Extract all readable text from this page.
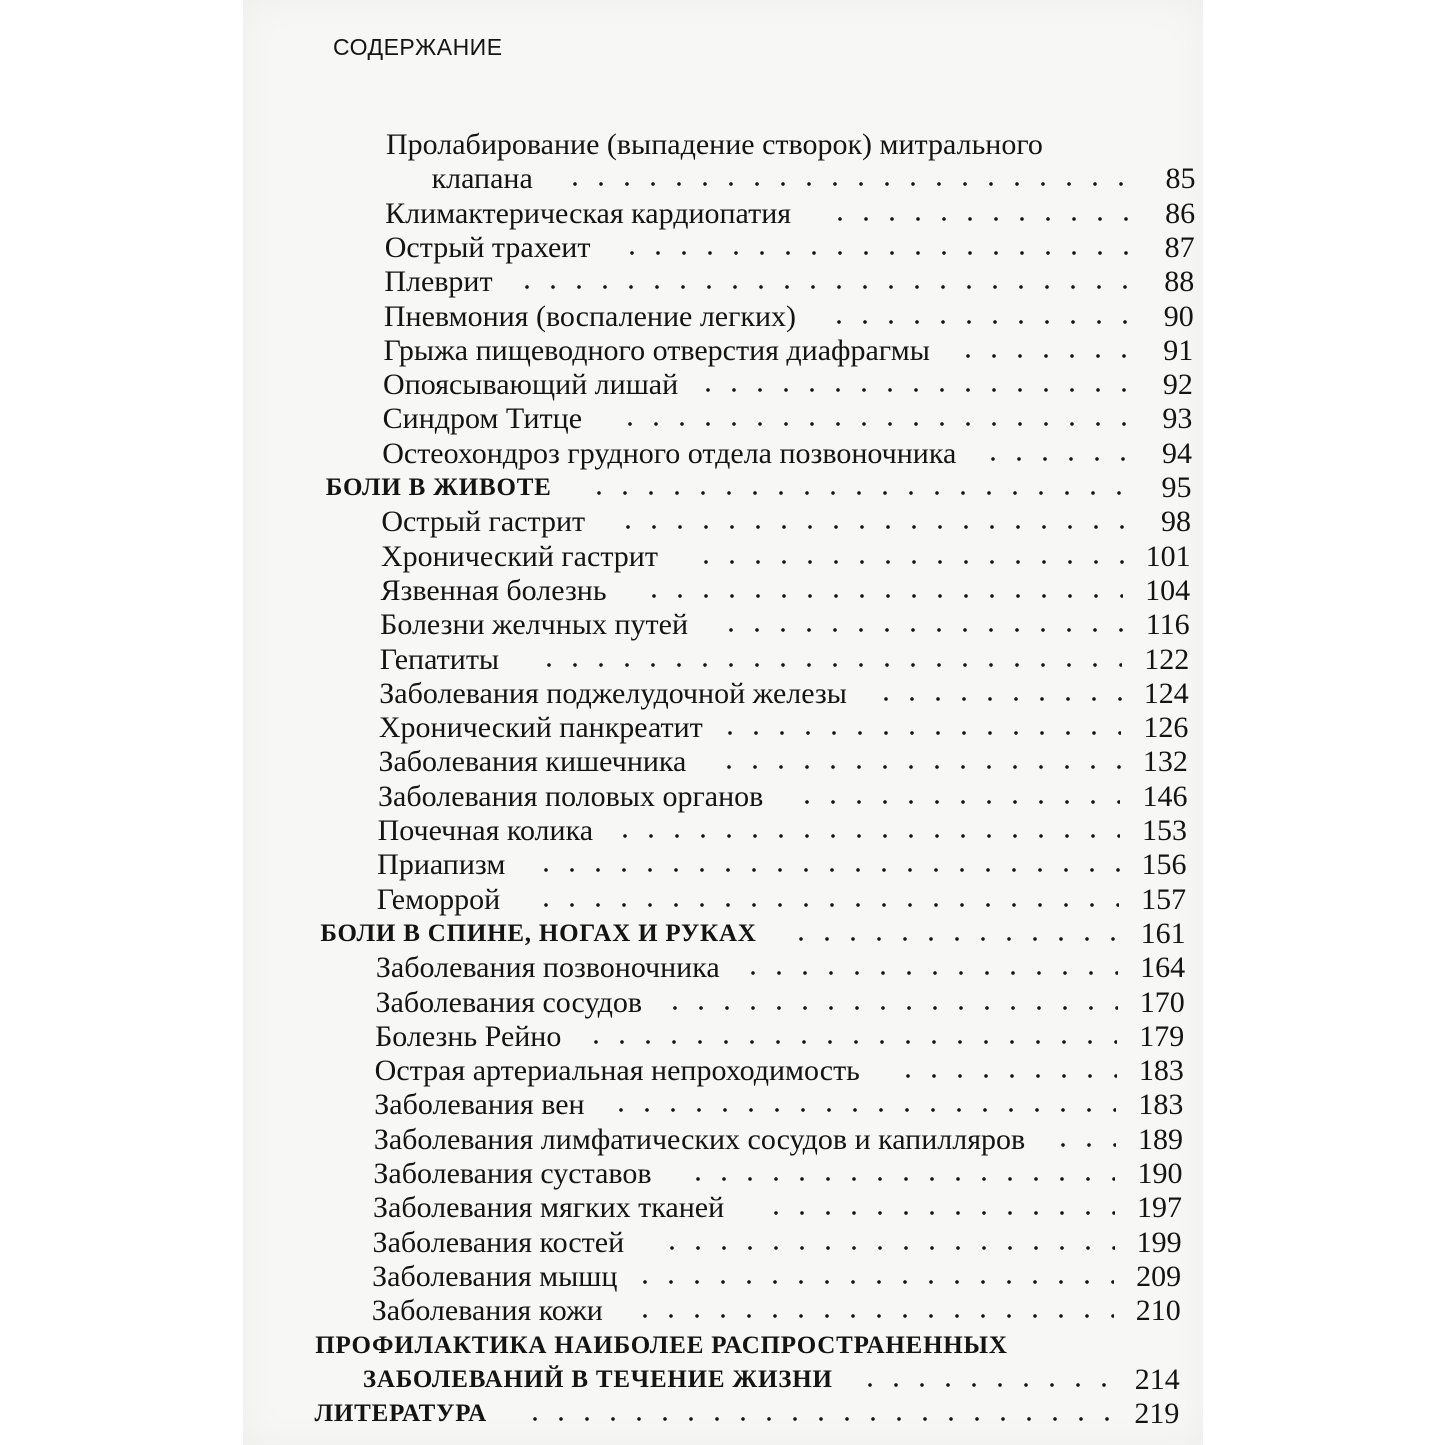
СОДЕРЖАНИЕ
Пролабирование (выпадение створок) митрального
клапана	85
Климактерическая кардиопатия	86
Острый трахеит	87
Плеврит	88
Пневмония (воспаление легких)	90
Грыжа пищеводного отверстия диафрагмы	91
Опоясывающий лишай	92
Синдром Титце	93
Остеохондроз грудного отдела позвоночника	94
БОЛИ В ЖИВОТЕ	95
Острый гастрит	98
Хронический гастрит	101
Язвенная болезнь	104
Болезни желчных путей	116
Гепатиты	122
Заболевания поджелудочной железы	124
Хронический панкреатит	126
Заболевания кишечника	132
Заболевания половых органов	146
Почечная колика	153
Приапизм	156
Геморрой	157
БОЛИ В СПИНЕ, НОГАХ И РУКАХ	161
Заболевания позвоночника	164
Заболевания сосудов	170
Болезнь Рейно	179
Острая артериальная непроходимость	183
Заболевания вен	183
Заболевания лимфатических сосудов и капилляров	189
Заболевания суставов	190
Заболевания мягких тканей	197
Заболевания костей	199
Заболевания мышц	209
Заболевания кожи	210
ПРОФИЛАКТИКА НАИБОЛЕЕ РАСПРОСТРАНЕННЫХ
ЗАБОЛЕВАНИЙ В ТЕЧЕНИЕ ЖИЗНИ	214
ЛИТЕРАТУРА	219
